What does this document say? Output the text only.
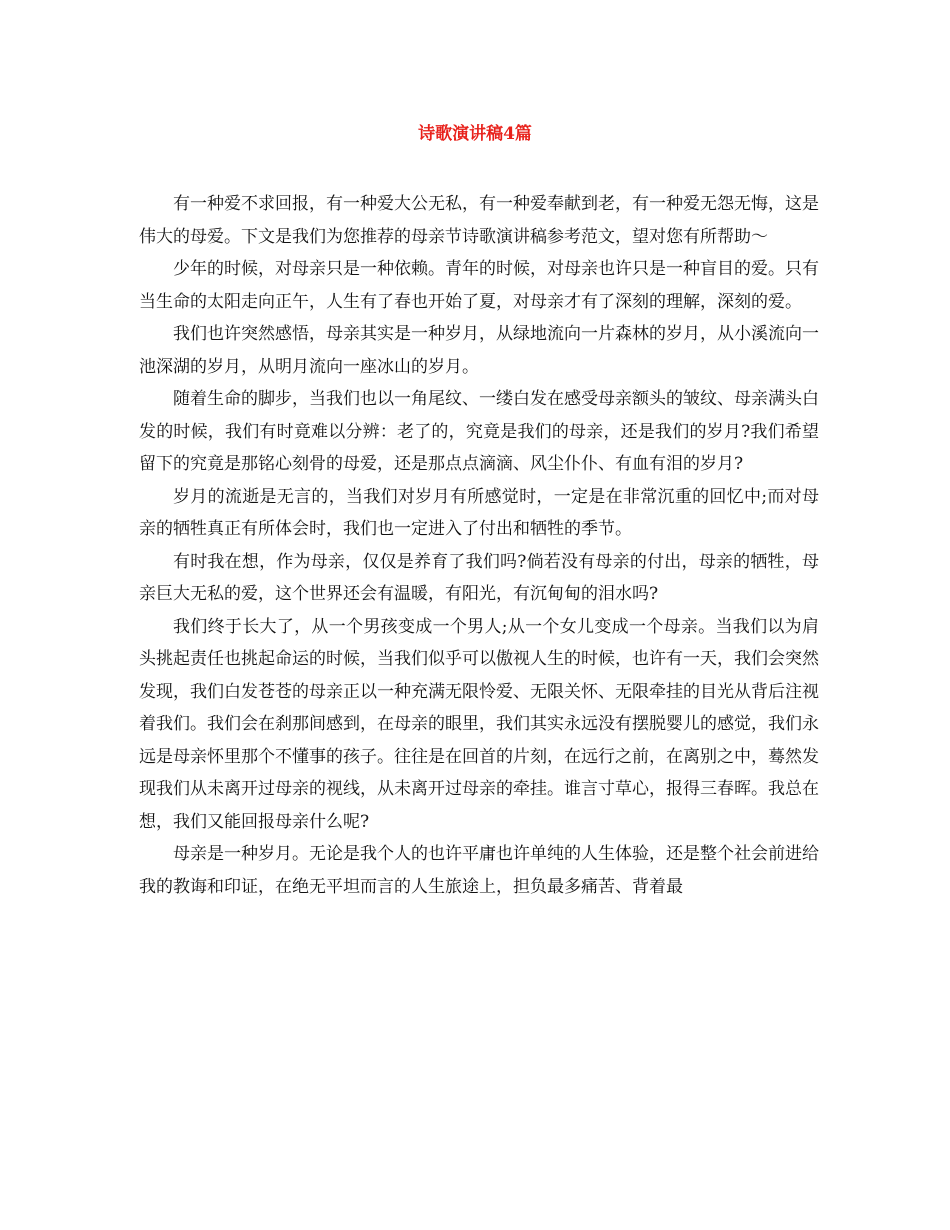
诗歌演讲稿4篇

有一种爱不求回报，有一种爱大公无私，有一种爱奉献到老，有一种爱无怨无悔，这是伟大的母爱。下文是我们为您推荐的母亲节诗歌演讲稿参考范文，望对您有所帮助～

少年的时候，对母亲只是一种依赖。青年的时候，对母亲也许只是一种盲目的爱。只有当生命的太阳走向正午，人生有了春也开始了夏，对母亲才有了深刻的理解，深刻的爱。

我们也许突然感悟，母亲其实是一种岁月，从绿地流向一片森林的岁月，从小溪流向一池深湖的岁月，从明月流向一座冰山的岁月。

随着生命的脚步，当我们也以一角尾纹、一缕白发在感受母亲额头的皱纹、母亲满头白发的时候，我们有时竟难以分辨：老了的，究竟是我们的母亲，还是我们的岁月?我们希望留下的究竟是那铭心刻骨的母爱，还是那点点滴滴、风尘仆仆、有血有泪的岁月?

岁月的流逝是无言的，当我们对岁月有所感觉时，一定是在非常沉重的回忆中;而对母亲的牺牲真正有所体会时，我们也一定进入了付出和牺牲的季节。

有时我在想，作为母亲，仅仅是养育了我们吗?倘若没有母亲的付出，母亲的牺牲，母亲巨大无私的爱，这个世界还会有温暖，有阳光，有沉甸甸的泪水吗?

我们终于长大了，从一个男孩变成一个男人;从一个女儿变成一个母亲。当我们以为肩头挑起责任也挑起命运的时候，当我们似乎可以傲视人生的时候，也许有一天，我们会突然发现，我们白发苍苍的母亲正以一种充满无限怜爱、无限关怀、无限牵挂的目光从背后注视着我们。我们会在刹那间感到，在母亲的眼里，我们其实永远没有摆脱婴儿的感觉，我们永远是母亲怀里那个不懂事的孩子。往往是在回首的片刻，在远行之前，在离别之中，蓦然发现我们从未离开过母亲的视线，从未离开过母亲的牵挂。谁言寸草心，报得三春晖。我总在想，我们又能回报母亲什么呢?

母亲是一种岁月。无论是我个人的也许平庸也许单纯的人生体验，还是整个社会前进给我的教诲和印证，在绝无平坦而言的人生旅途上，担负最多痛苦、背着最
